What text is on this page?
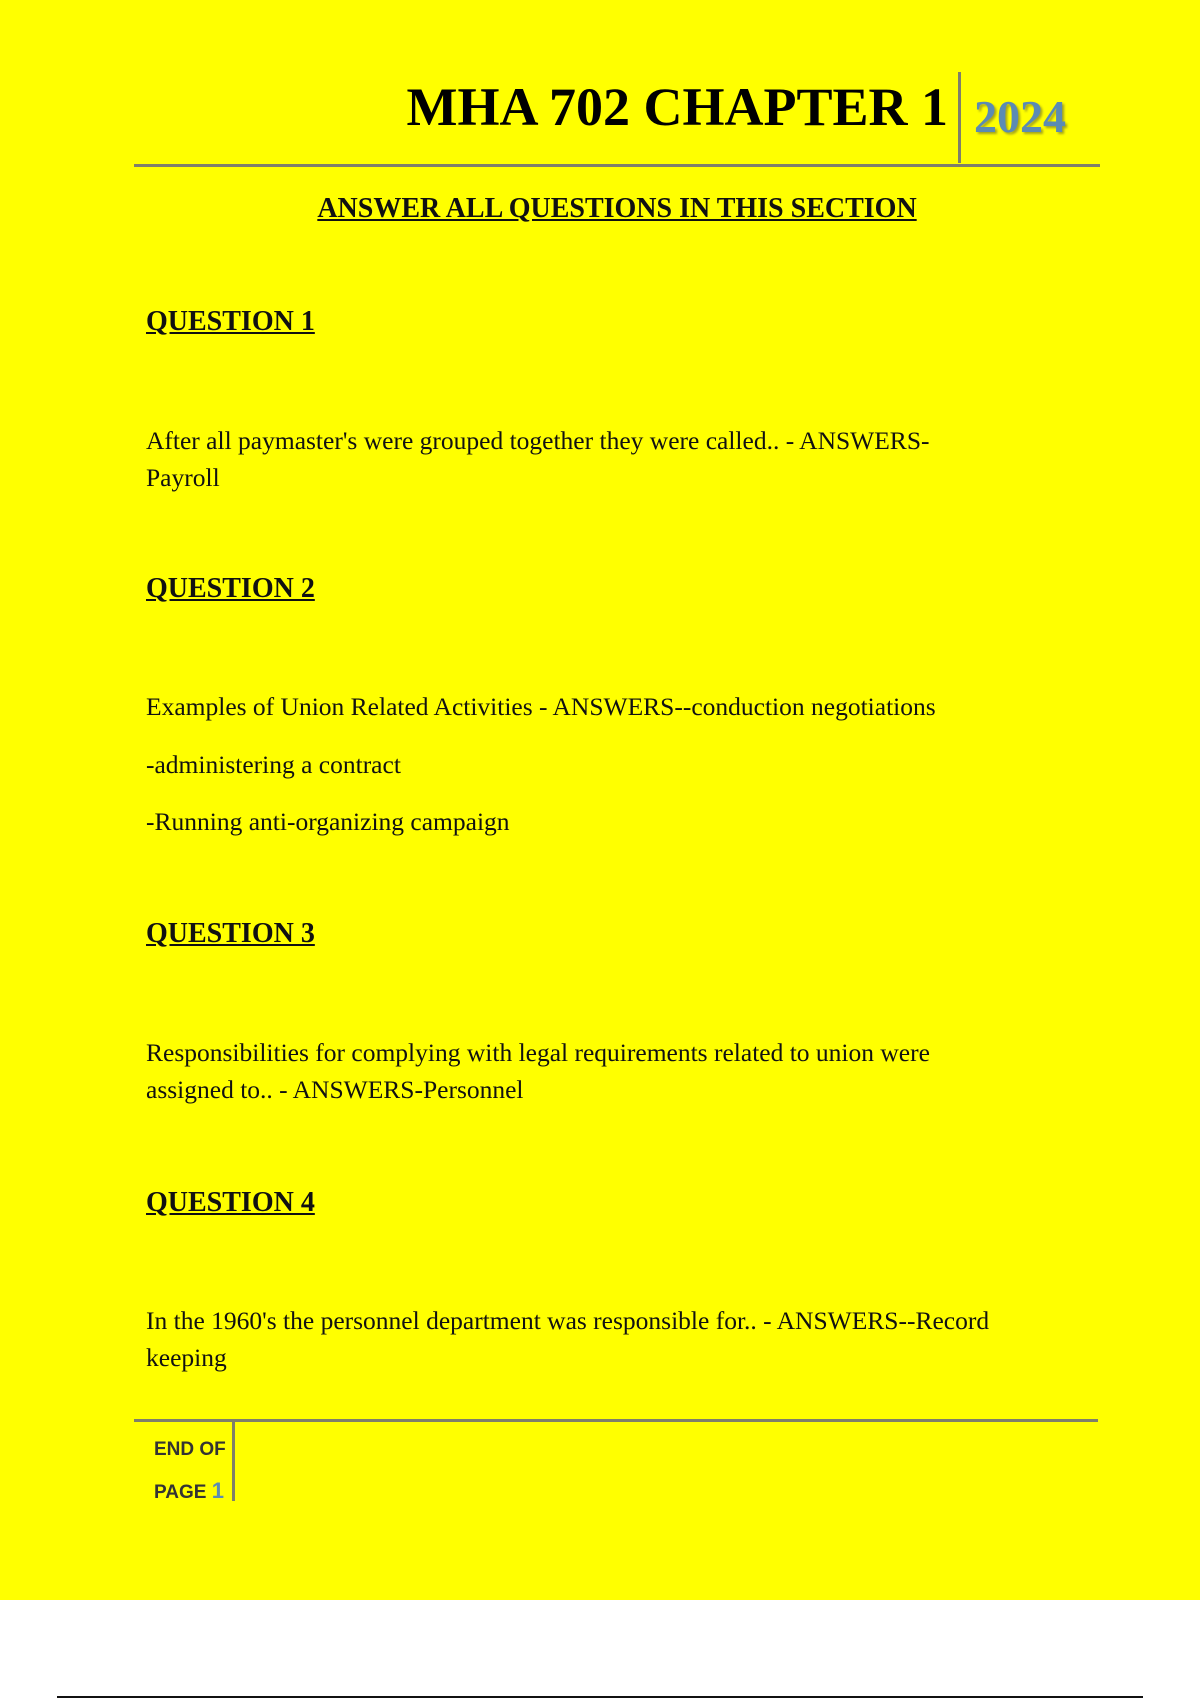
MHA 702 CHAPTER 1 2024
ANSWER ALL QUESTIONS IN THIS SECTION
QUESTION 1

After all paymaster's were grouped together they were called.. - ANSWERS-
Payroll

QUESTION 2

Examples of Union Related Activities - ANSWERS--conduction negotiations

-administering a contract

-Running anti-organizing campaign

QUESTION 3

Responsibilities for complying with legal requirements related to union were
assigned to.. - ANSWERS-Personnel

QUESTION 4

In the 1960's the personnel department was responsible for.. - ANSWERS--Record
keeping

END OF
PAGE 1
